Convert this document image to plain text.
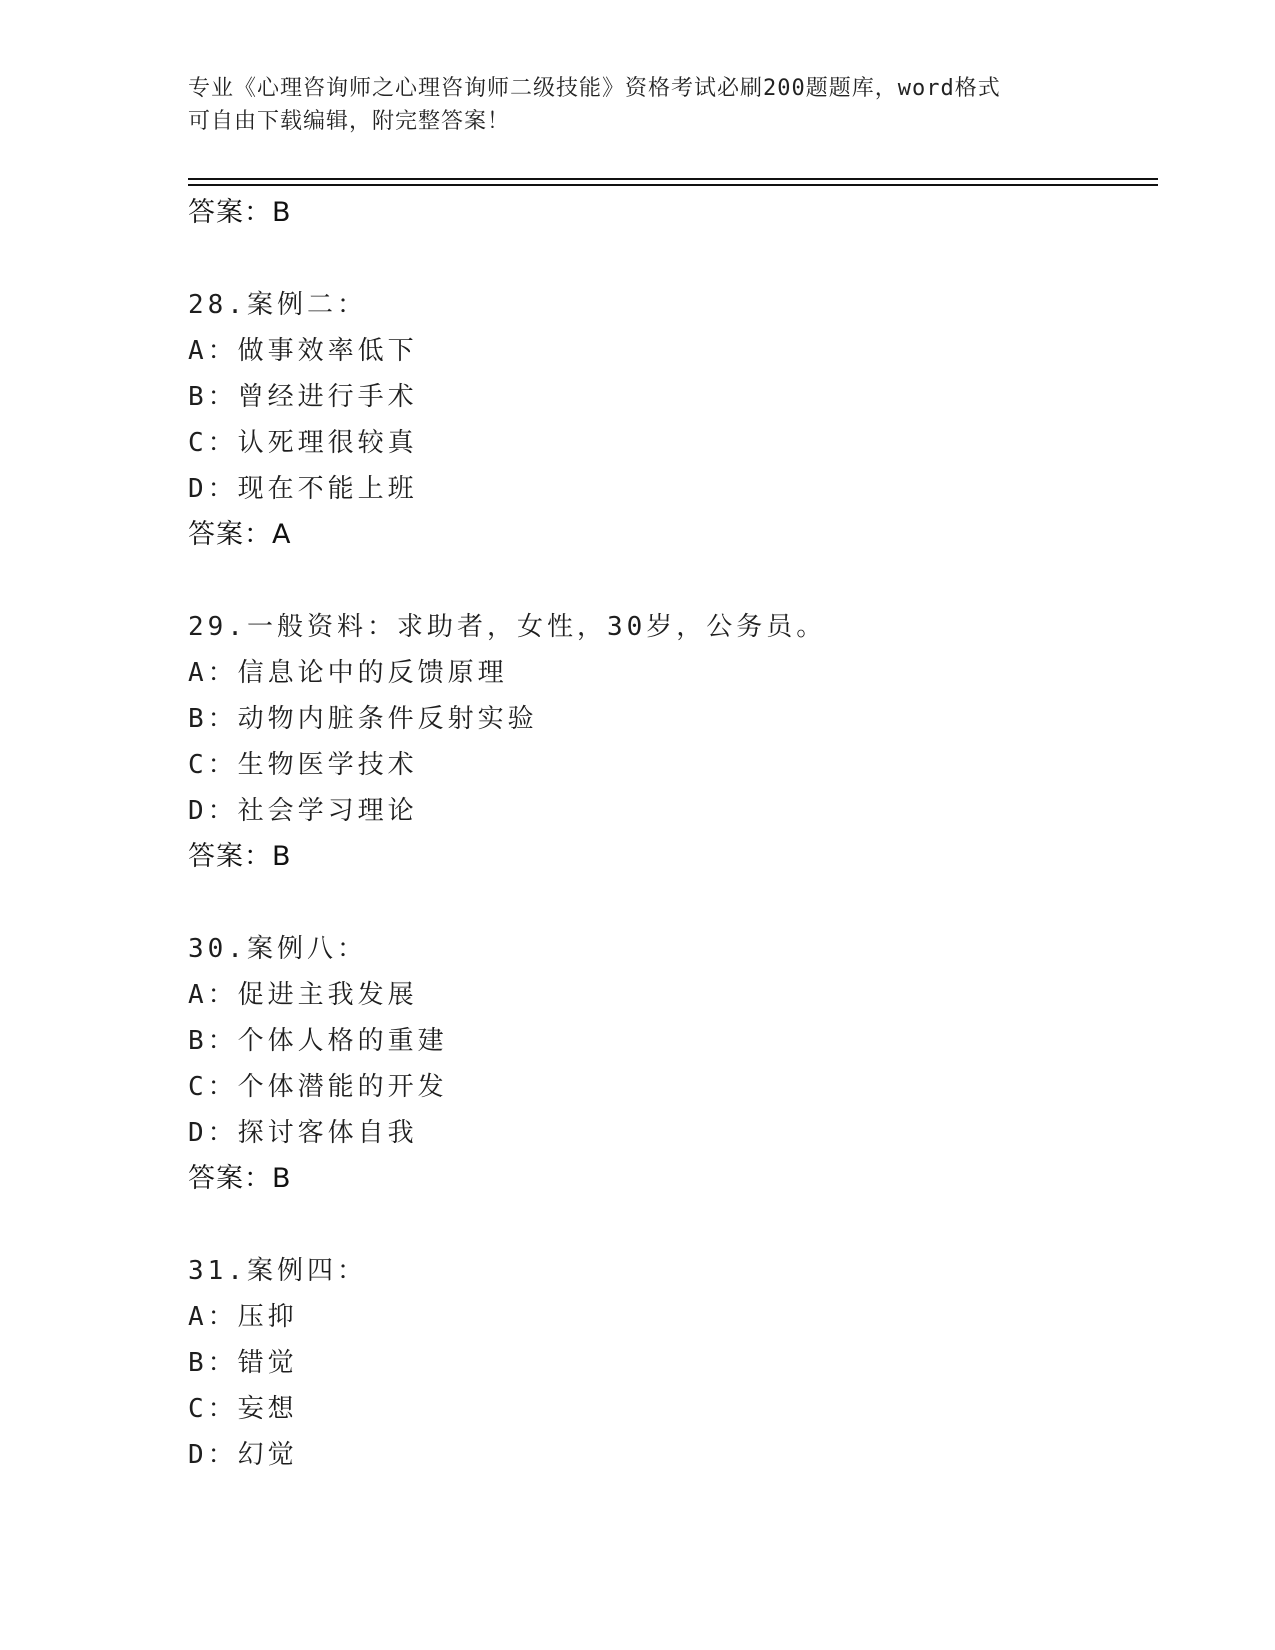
专业《心理咨询师之心理咨询师二级技能》资格考试必刷200题题库，word格式
可自由下载编辑，附完整答案！
答案：B
28.案例二：
A：做事效率低下
B：曾经进行手术
C：认死理很较真
D：现在不能上班
答案：A
29.一般资料：求助者，女性，30岁，公务员。
A：信息论中的反馈原理
B：动物内脏条件反射实验
C：生物医学技术
D：社会学习理论
答案：B
30.案例八：
A：促进主我发展
B：个体人格的重建
C：个体潜能的开发
D：探讨客体自我
答案：B
31.案例四：
A：压抑
B：错觉
C：妄想
D：幻觉
